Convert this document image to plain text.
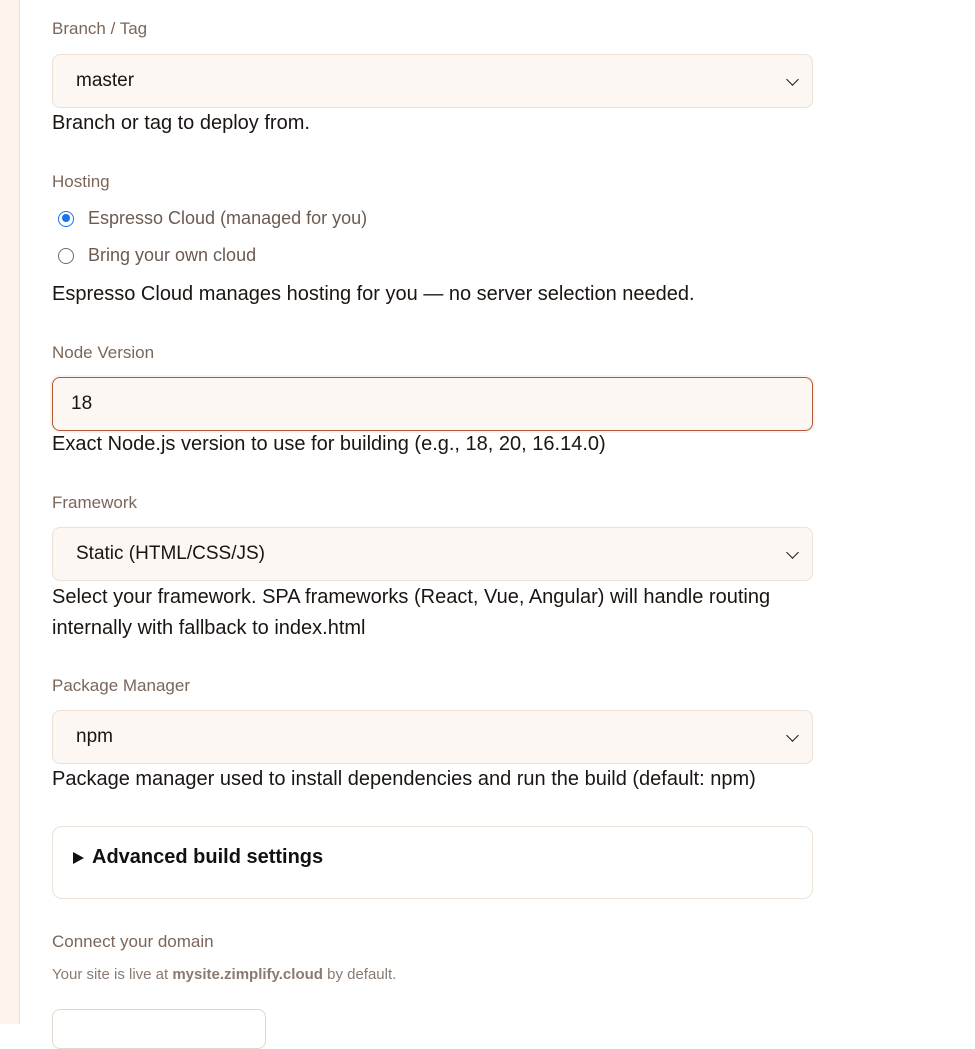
Branch / Tag
master
Branch or tag to deploy from.
Hosting
Espresso Cloud (managed for you)
Bring your own cloud
Espresso Cloud manages hosting for you — no server selection needed.
Node Version
18
Exact Node.js version to use for building (e.g., 18, 20, 16.14.0)
Framework
Static (HTML/CSS/JS)
Select your framework. SPA frameworks (React, Vue, Angular) will handle routing internally with fallback to index.html
Package Manager
npm
Package manager used to install dependencies and run the build (default: npm)
Advanced build settings
Connect your domain
Your site is live at mysite.zimplify.cloud by default.
